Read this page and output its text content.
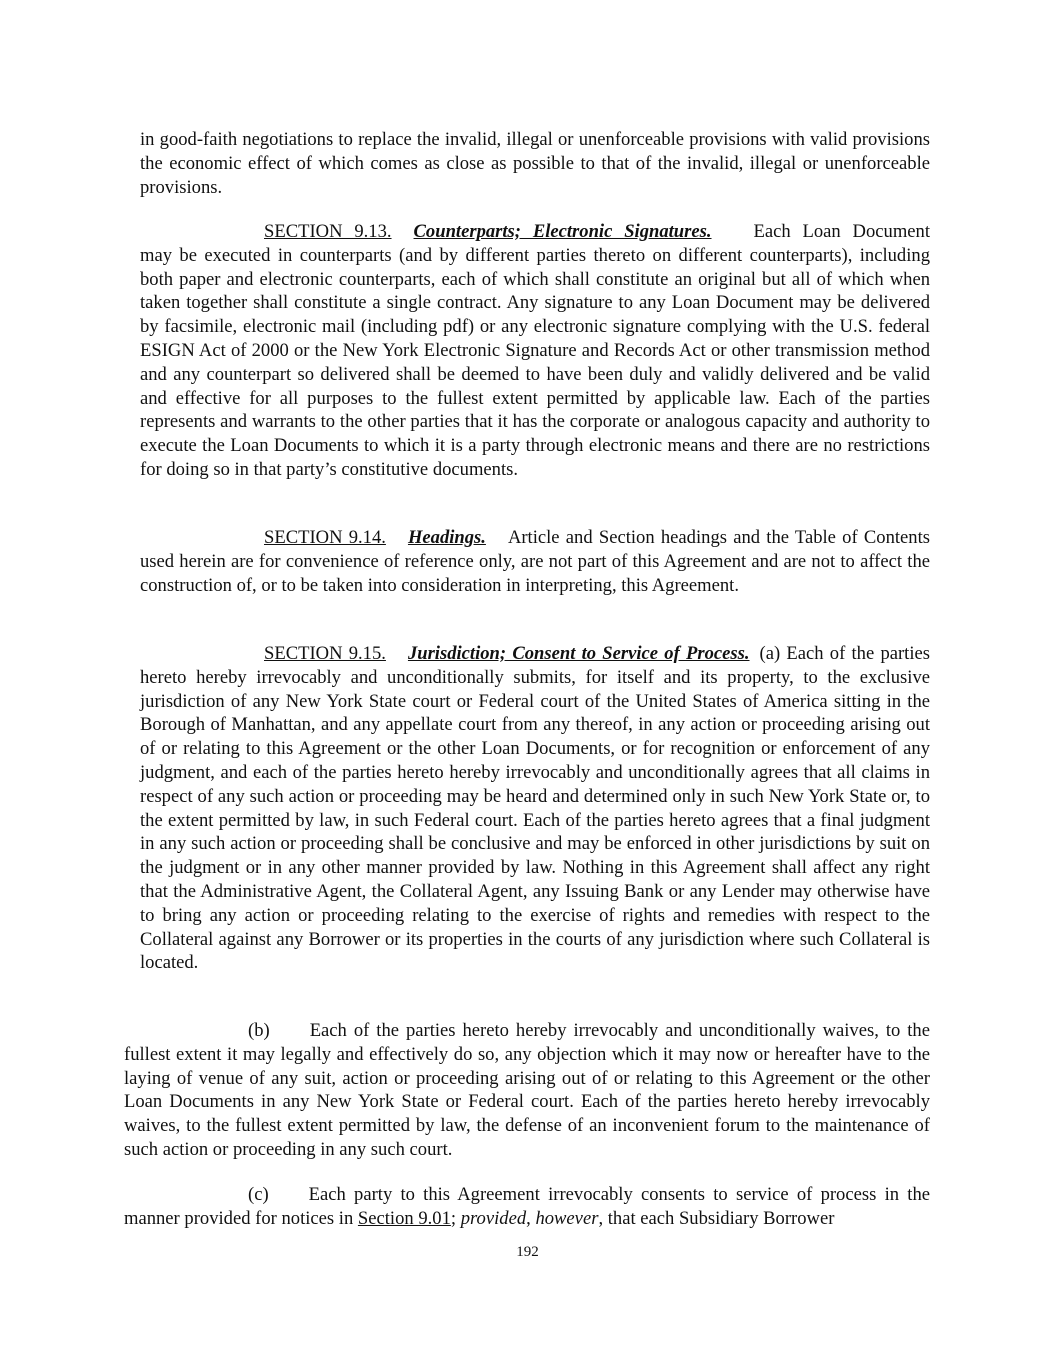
in good-faith negotiations to replace the invalid, illegal or unenforceable provisions with valid provisions the economic effect of which comes as close as possible to that of the invalid, illegal or unenforceable provisions.

SECTION 9.13. Counterparts; Electronic Signatures. Each Loan Document may be executed in counterparts (and by different parties thereto on different counterparts), including both paper and electronic counterparts, each of which shall constitute an original but all of which when taken together shall constitute a single contract. Any signature to any Loan Document may be delivered by facsimile, electronic mail (including pdf) or any electronic signature complying with the U.S. federal ESIGN Act of 2000 or the New York Electronic Signature and Records Act or other transmission method and any counterpart so delivered shall be deemed to have been duly and validly delivered and be valid and effective for all purposes to the fullest extent permitted by applicable law. Each of the parties represents and warrants to the other parties that it has the corporate or analogous capacity and authority to execute the Loan Documents to which it is a party through electronic means and there are no restrictions for doing so in that party’s constitutive documents.

SECTION 9.14. Headings. Article and Section headings and the Table of Contents used herein are for convenience of reference only, are not part of this Agreement and are not to affect the construction of, or to be taken into consideration in interpreting, this Agreement.

SECTION 9.15. Jurisdiction; Consent to Service of Process. (a) Each of the parties hereto hereby irrevocably and unconditionally submits, for itself and its property, to the exclusive jurisdiction of any New York State court or Federal court of the United States of America sitting in the Borough of Manhattan, and any appellate court from any thereof, in any action or proceeding arising out of or relating to this Agreement or the other Loan Documents, or for recognition or enforcement of any judgment, and each of the parties hereto hereby irrevocably and unconditionally agrees that all claims in respect of any such action or proceeding may be heard and determined only in such New York State or, to the extent permitted by law, in such Federal court. Each of the parties hereto agrees that a final judgment in any such action or proceeding shall be conclusive and may be enforced in other jurisdictions by suit on the judgment or in any other manner provided by law. Nothing in this Agreement shall affect any right that the Administrative Agent, the Collateral Agent, any Issuing Bank or any Lender may otherwise have to bring any action or proceeding relating to the exercise of rights and remedies with respect to the Collateral against any Borrower or its properties in the courts of any jurisdiction where such Collateral is located.

(b) Each of the parties hereto hereby irrevocably and unconditionally waives, to the fullest extent it may legally and effectively do so, any objection which it may now or hereafter have to the laying of venue of any suit, action or proceeding arising out of or relating to this Agreement or the other Loan Documents in any New York State or Federal court. Each of the parties hereto hereby irrevocably waives, to the fullest extent permitted by law, the defense of an inconvenient forum to the maintenance of such action or proceeding in any such court.

(c) Each party to this Agreement irrevocably consents to service of process in the manner provided for notices in Section 9.01; provided, however, that each Subsidiary Borrower

192
